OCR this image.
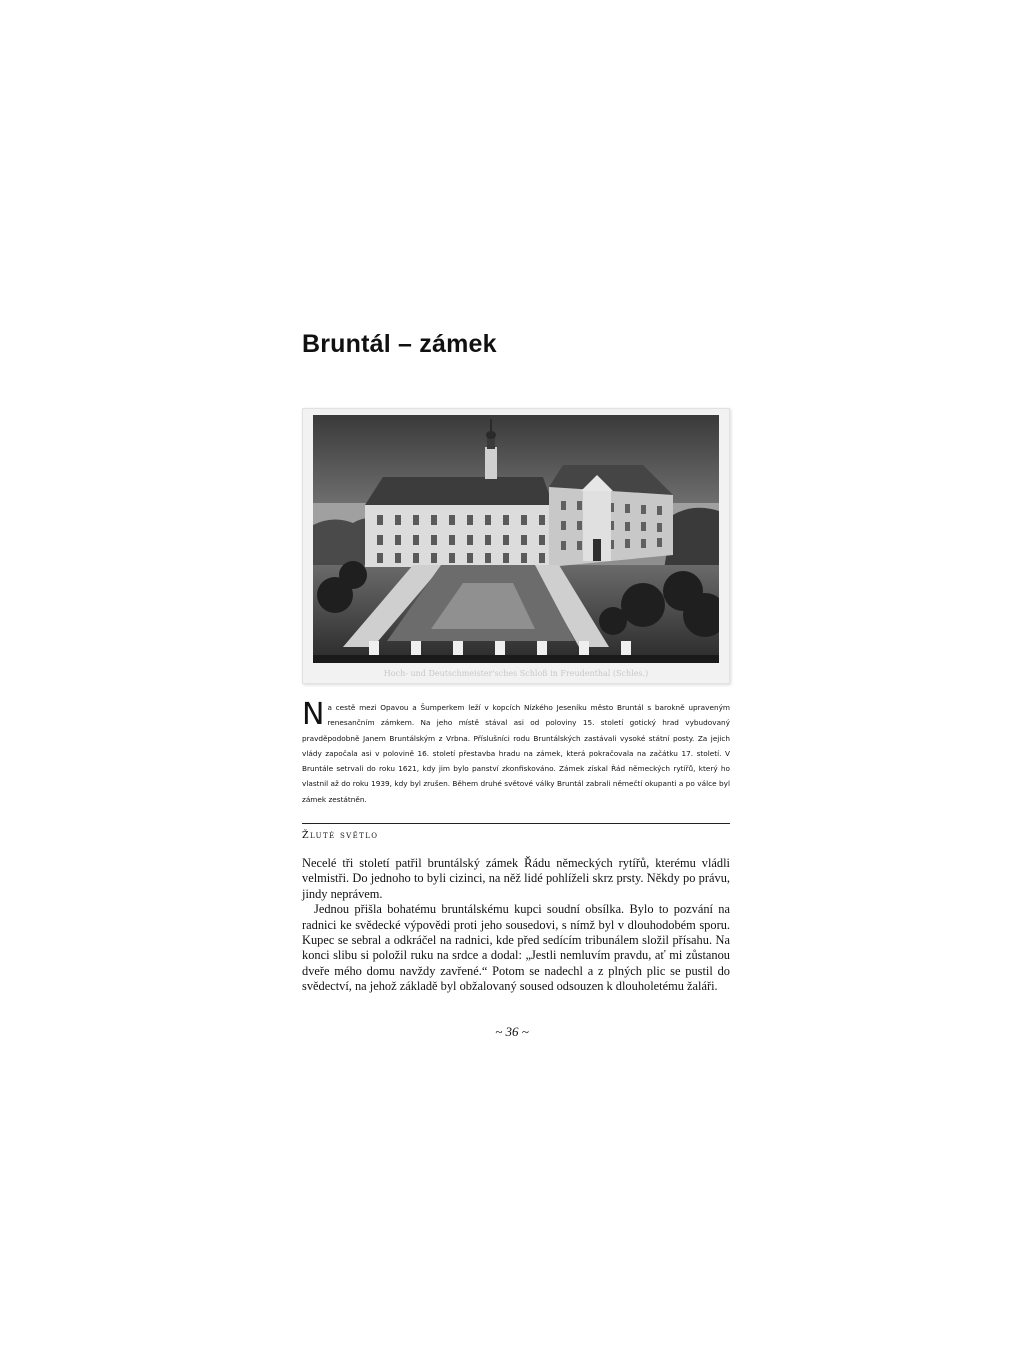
Bruntál – zámek
Hoch- und Deutschmeister'sches Schloß in Freudenthal (Schles.)

Na cestě mezi Opavou a Šumperkem leží v kopcích Nízkého Jeseníku město Bruntál s barokně upraveným renesančním zámkem. Na jeho místě stával asi od poloviny 15. století gotický hrad vybudovaný pravděpodobně Janem Bruntálským z Vrbna. Příslušníci rodu Bruntálských zastávali vysoké státní posty. Za jejich vlády započala asi v polovině 16. století přestavba hradu na zámek, která pokračovala na začátku 17. století. V Bruntále setrvali do roku 1621, kdy jim bylo panství zkonfiskováno. Zámek získal Řád německých rytířů, který ho vlastnil až do roku 1939, kdy byl zrušen. Během druhé světové války Bruntál zabrali němečtí okupanti a po válce byl zámek zestátněn.

Žluté světlo

Necelé tři století patřil bruntálský zámek Řádu německých rytířů, kterému vládli velmistři. Do jednoho to byli cizinci, na něž lidé pohlíželi skrz prsty. Někdy po právu, jindy neprávem.

Jednou přišla bohatému bruntálskému kupci soudní obsílka. Bylo to pozvání na radnici ke svědecké výpovědi proti jeho sousedovi, s nímž byl v dlouhodobém sporu. Kupec se sebral a odkráčel na radnici, kde před sedícím tribunálem složil přísahu. Na konci slibu si položil ruku na srdce a dodal: „Jestli nemluvím pravdu, ať mi zůstanou dveře mého domu navždy zavřené.“ Potom se nadechl a z plných plic se pustil do svědectví, na jehož základě byl obžalovaný soused odsouzen k dlouholetému žaláři.

~ 36 ~
